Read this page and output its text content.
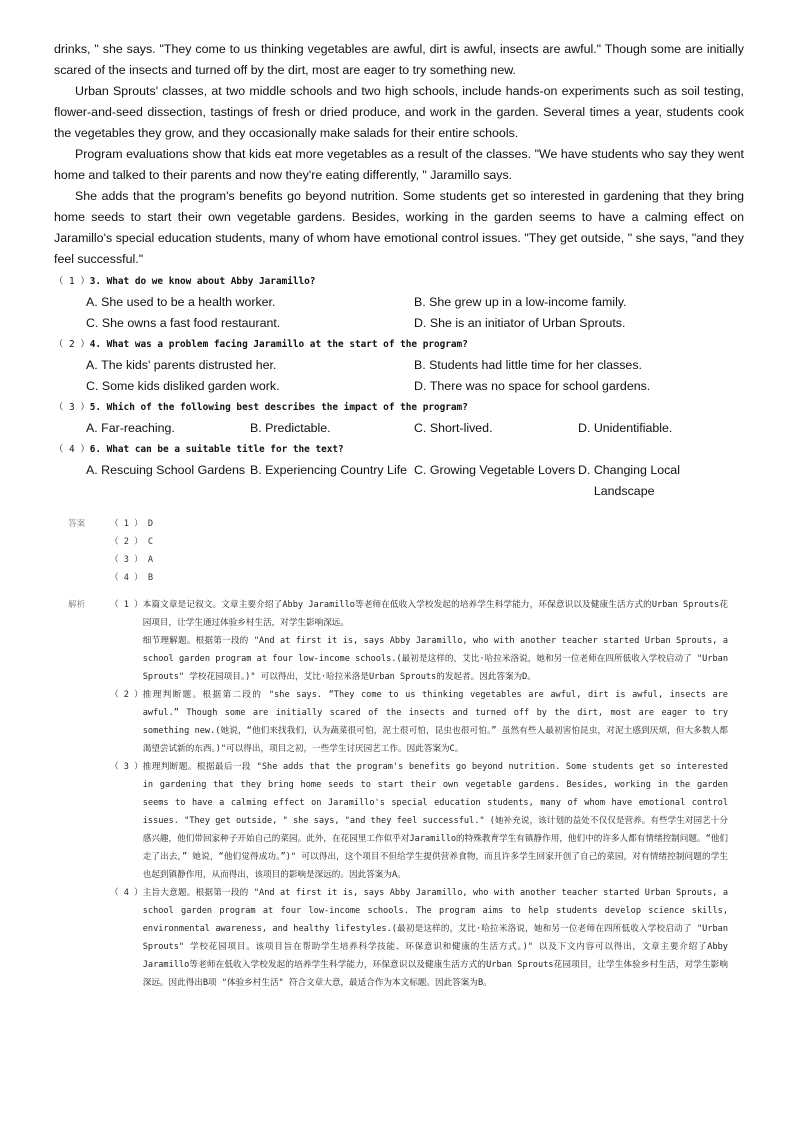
drinks, " she says. "They come to us thinking vegetables are awful, dirt is awful, insects are awful." Though some are initially scared of the insects and turned off by the dirt, most are eager to try something new.

Urban Sprouts' classes, at two middle schools and two high schools, include hands-on experiments such as soil testing, flower-and-seed dissection, tastings of fresh or dried produce, and work in the garden. Several times a year, students cook the vegetables they grow, and they occasionally make salads for their entire schools.

Program evaluations show that kids eat more vegetables as a result of the classes. "We have students who say they went home and talked to their parents and now they're eating differently, " Jaramillo says.

She adds that the program's benefits go beyond nutrition. Some students get so interested in gardening that they bring home seeds to start their own vegetable gardens. Besides, working in the garden seems to have a calming effect on Jaramillo's special education students, many of whom have emotional control issues. "They get outside, " she says, "and they feel successful."

（ 1 ）3. What do we know about Abby Jaramillo?
A. She used to be a health worker.	B. She grew up in a low-income family.
C. She owns a fast food restaurant.	D. She is an initiator of Urban Sprouts.
（ 2 ）4. What was a problem facing Jaramillo at the start of the program?
A. The kids' parents distrusted her.	B. Students had little time for her classes.
C. Some kids disliked garden work.	D. There was no space for school gardens.
（ 3 ）5. Which of the following best describes the impact of the program?
A. Far-reaching.	B. Predictable.	C. Short-lived.	D. Unidentifiable.
（ 4 ）6. What can be a suitable title for the text?
A. Rescuing School Gardens B. Experiencing Country Life C. Growing Vegetable Lovers D. Changing Local Landscape
答案	（ 1 ） D
（ 2 ） C
（ 3 ） A
（ 4 ） B
解析	（ 1 ） 本篇文章是记叙文。文章主要介绍了Abby Jaramillo等老师在低收入学校发起的培养学生科学能力，环保意识以及健康生活方式的Urban Sprouts花园项目，让学生通过体验乡村生活，对学生影响深远。

细节理解题。根据第一段的 "And at first it is, says Abby Jaramillo, who with another teacher started Urban Sprouts, a school garden program at four low-income schools.(最初是这样的，艾比·哈拉米洛说，她和另一位老师在四所低收入学校启动了 "Urban Sprouts" 学校花园项目。)" 可以得出，艾比·哈拉米洛是Urban Sprouts的发起者。因此答案为D。

（ 2 ） 推理判断题。根据第二段的 "she says. “They come to us thinking vegetables are awful, dirt is awful, insects are awful.” Though some are initially scared of the insects and turned off by the dirt, most are eager to try something new.(她说，“他们来找我们，认为蔬菜很可怕，泥土很可怕，昆虫也很可怕。” 虽然有些人最初害怕昆虫，对泥土感到厌烦，但大多数人都渴望尝试新的东西。)"可以得出，项目之初，一些学生讨厌园艺工作。因此答案为C。

（ 3 ） 推理判断题。根据最后一段 "She adds that the program's benefits go beyond nutrition. Some students get so interested in gardening that they bring home seeds to start their own vegetable gardens. Besides, working in the garden seems to have a calming effect on Jaramillo's special education students, many of whom have emotional control issues. "They get outside, " she says, "and they feel successful." (她补充说，该计划的益处不仅仅是营养。有些学生对园艺十分感兴趣，他们带回家种子开始自己的菜园。此外，在花园里工作似乎对Jaramillo的特殊教育学生有镇静作用，他们中的许多人都有情绪控制问题。“他们走了出去，” 她说，“他们觉得成功。”)" 可以得出，这个项目不但给学生提供营养食物，而且许多学生回家开创了自己的菜园，对有情绪控制问题的学生也起到镇静作用，从而得出，该项目的影响是深远的。因此答案为A。

（ 4 ） 主旨大意题。根据第一段的 "And at first it is, says Abby Jaramillo, who with another teacher started Urban Sprouts, a school garden program at four low-income schools. The program aims to help students develop science skills, environmental awareness, and healthy lifestyles.(最初是这样的，艾比·哈拉米洛说，她和另一位老师在四所低收入学校启动了 "Urban Sprouts" 学校花园项目。该项目旨在帮助学生培养科学技能、环保意识和健康的生活方式。)" 以及下文内容可以得出，文章主要介绍了Abby Jaramillo等老师在低收入学校发起的培养学生科学能力，环保意识以及健康生活方式的Urban Sprouts花园项目，让学生体验乡村生活，对学生影响深远。因此得出B项 "体验乡村生活" 符合文章大意，最适合作为本文标题。因此答案为B。
